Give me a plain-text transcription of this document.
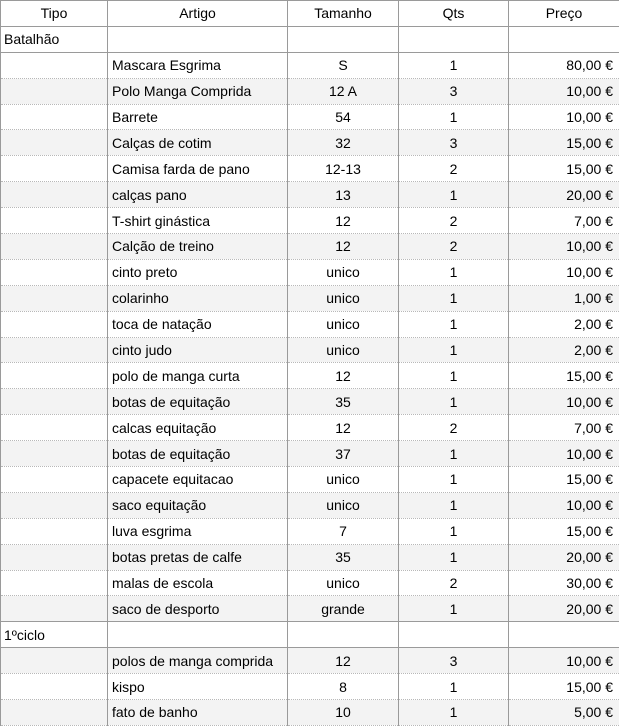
Tipo	Artigo	Tamanho	Qts	Preço
Batalhão				
	Mascara Esgrima	S	1	80,00 €
	Polo Manga Comprida	12 A	3	10,00 €
	Barrete	54	1	10,00 €
	Calças de cotim	32	3	15,00 €
	Camisa farda de pano	12-13	2	15,00 €
	calças pano	13	1	20,00 €
	T-shirt ginástica	12	2	7,00 €
	Calção de treino	12	2	10,00 €
	cinto preto	unico	1	10,00 €
	colarinho	unico	1	1,00 €
	toca de natação	unico	1	2,00 €
	cinto judo	unico	1	2,00 €
	polo de manga curta	12	1	15,00 €
	botas de equitação	35	1	10,00 €
	calcas equitação	12	2	7,00 €
	botas de equitação	37	1	10,00 €
	capacete equitacao	unico	1	15,00 €
	saco equitação	unico	1	10,00 €
	luva esgrima	7	1	15,00 €
	botas pretas de calfe	35	1	20,00 €
	malas de escola	unico	2	30,00 €
	saco de desporto	grande	1	20,00 €
1ºciclo				
	polos de manga comprida	12	3	10,00 €
	kispo	8	1	15,00 €
	fato de banho	10	1	5,00 €
